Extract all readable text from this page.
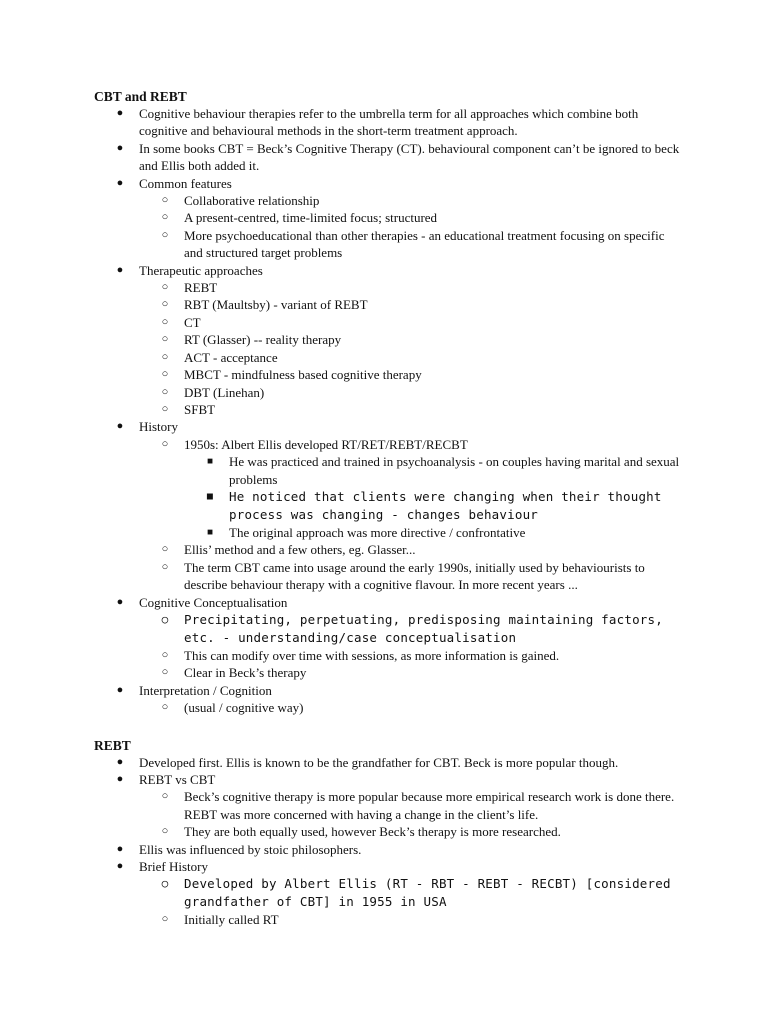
CBT and REBT

● Cognitive behaviour therapies refer to the umbrella term for all approaches which combine both cognitive and behavioural methods in the short-term treatment approach.
● In some books CBT = Beck’s Cognitive Therapy (CT). behavioural component can’t be ignored to beck and Ellis both added it.
● Common features
○ Collaborative relationship
○ A present-centred, time-limited focus; structured
○ More psychoeducational than other therapies - an educational treatment focusing on specific and structured target problems
● Therapeutic approaches
○ REBT
○ RBT (Maultsby) - variant of REBT
○ CT
○ RT (Glasser) -- reality therapy
○ ACT - acceptance
○ MBCT - mindfulness based cognitive therapy
○ DBT (Linehan)
○ SFBT
● History
○ 1950s: Albert Ellis developed RT/RET/REBT/RECBT
■ He was practiced and trained in psychoanalysis - on couples having marital and sexual problems
■ He noticed that clients were changing when their thought process was changing - changes behaviour
■ The original approach was more directive / confrontative
○ Ellis’ method and a few others, eg. Glasser...
○ The term CBT came into usage around the early 1990s, initially used by behaviourists to describe behaviour therapy with a cognitive flavour. In more recent years ...
● Cognitive Conceptualisation
○ Precipitating, perpetuating, predisposing maintaining factors, etc. - understanding/case conceptualisation
○ This can modify over time with sessions, as more information is gained.
○ Clear in Beck’s therapy
● Interpretation / Cognition
○ (usual / cognitive way)

REBT

● Developed first. Ellis is known to be the grandfather for CBT. Beck is more popular though.
● REBT vs CBT
○ Beck’s cognitive therapy is more popular because more empirical research work is done there. REBT was more concerned with having a change in the client’s life.
○ They are both equally used, however Beck’s therapy is more researched.
● Ellis was influenced by stoic philosophers.
● Brief History
○ Developed by Albert Ellis (RT - RBT - REBT - RECBT) [considered grandfather of CBT] in 1955 in USA
○ Initially called RT
